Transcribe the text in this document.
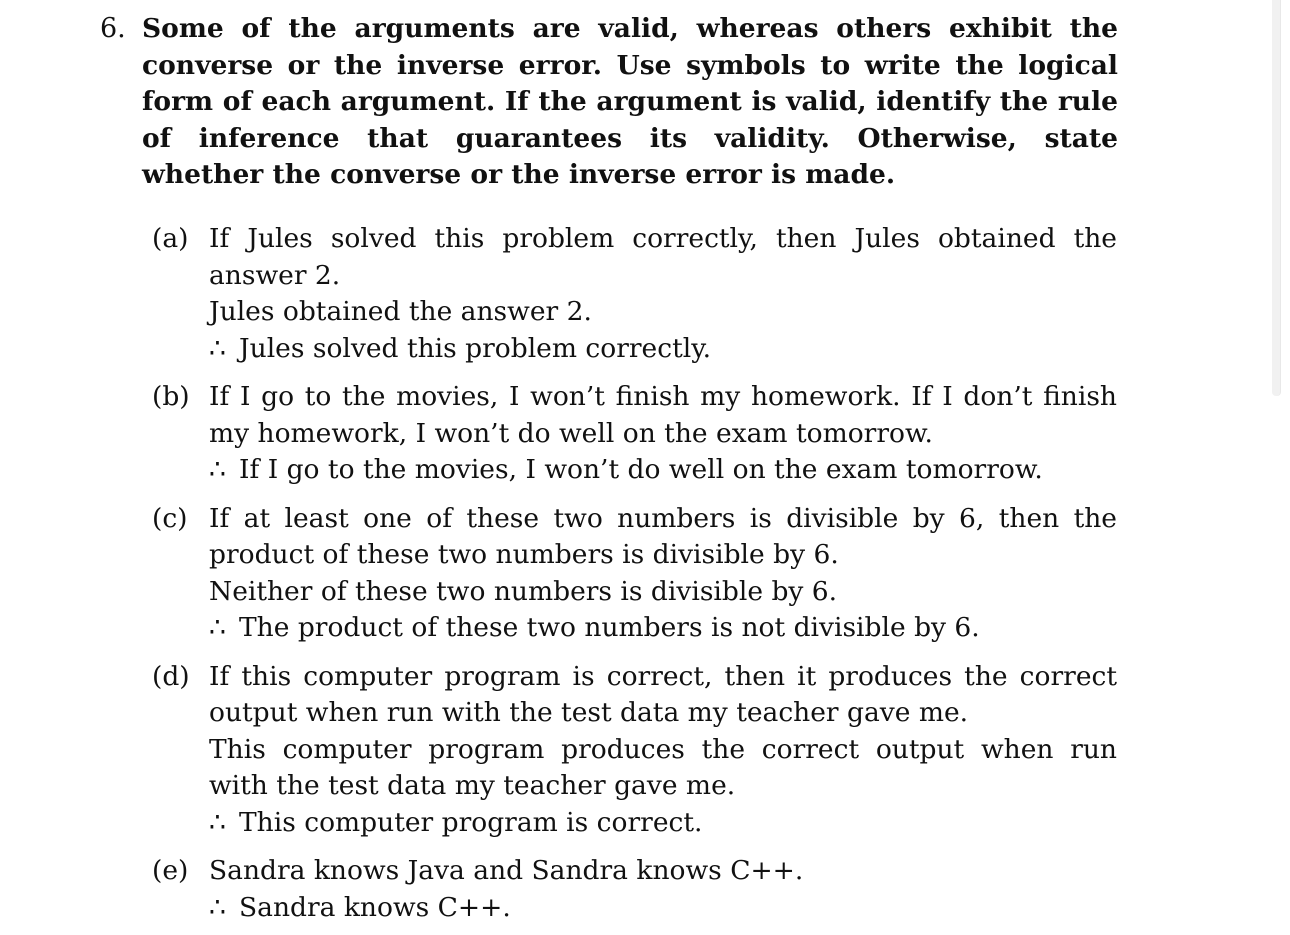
6. Some of the arguments are valid, whereas others exhibit the converse or the inverse error. Use symbols to write the logical form of each argument. If the argument is valid, identify the rule of inference that guarantees its validity. Otherwise, state whether the converse or the inverse error is made.
(a) If Jules solved this problem correctly, then Jules obtained the answer 2.
Jules obtained the answer 2.
∴ Jules solved this problem correctly.
(b) If I go to the movies, I won’t finish my homework. If I don’t finish my homework, I won’t do well on the exam tomorrow.
∴ If I go to the movies, I won’t do well on the exam tomorrow.
(c) If at least one of these two numbers is divisible by 6, then the product of these two numbers is divisible by 6.
Neither of these two numbers is divisible by 6.
∴ The product of these two numbers is not divisible by 6.
(d) If this computer program is correct, then it produces the correct output when run with the test data my teacher gave me.
This computer program produces the correct output when run with the test data my teacher gave me.
∴ This computer program is correct.
(e) Sandra knows Java and Sandra knows C++.
∴ Sandra knows C++.
